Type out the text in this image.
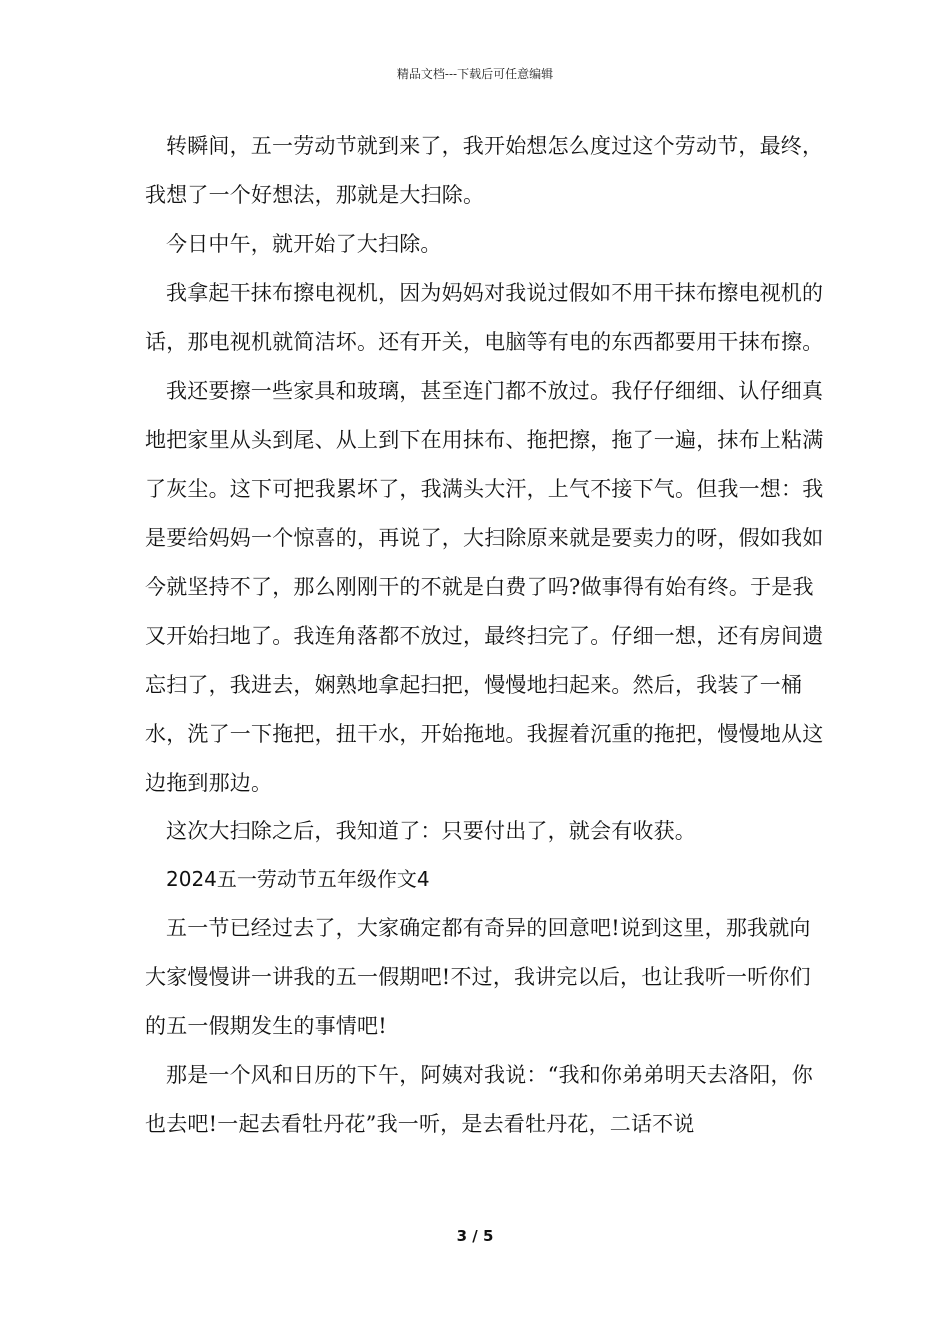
精品文档---下载后可任意编辑

转瞬间，五一劳动节就到来了，我开始想怎么度过这个劳动节，最终，我想了一个好想法，那就是大扫除。

今日中午，就开始了大扫除。

我拿起干抹布擦电视机，因为妈妈对我说过假如不用干抹布擦电视机的话，那电视机就简洁坏。还有开关，电脑等有电的东西都要用干抹布擦。

我还要擦一些家具和玻璃，甚至连门都不放过。我仔仔细细、认仔细真地把家里从头到尾、从上到下在用抹布、拖把擦，拖了一遍，抹布上粘满了灰尘。这下可把我累坏了，我满头大汗，上气不接下气。但我一想：我是要给妈妈一个惊喜的，再说了，大扫除原来就是要卖力的呀，假如我如今就坚持不了，那么刚刚干的不就是白费了吗?做事得有始有终。于是我又开始扫地了。我连角落都不放过，最终扫完了。仔细一想，还有房间遗忘扫了，我进去，娴熟地拿起扫把，慢慢地扫起来。然后，我装了一桶水，洗了一下拖把，扭干水，开始拖地。我握着沉重的拖把，慢慢地从这边拖到那边。

这次大扫除之后，我知道了：只要付出了，就会有收获。

2024五一劳动节五年级作文4

五一节已经过去了，大家确定都有奇异的回意吧!说到这里，那我就向大家慢慢讲一讲我的五一假期吧!不过，我讲完以后，也让我听一听你们的五一假期发生的事情吧!

那是一个风和日历的下午，阿姨对我说：“我和你弟弟明天去洛阳，你也去吧!一起去看牡丹花”我一听，是去看牡丹花，二话不说

3 / 5
